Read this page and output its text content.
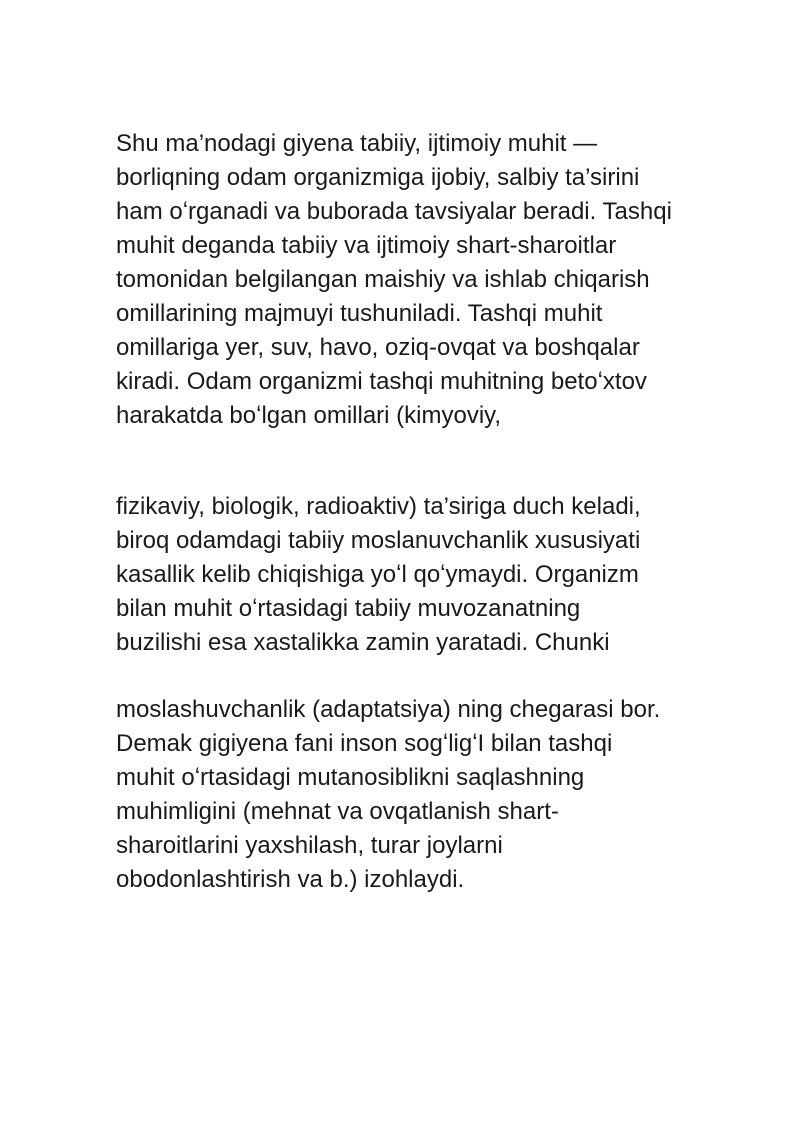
Shu ma’nodagi giyena tabiiy, ijtimoiy muhit —
borliqning odam organizmiga ijobiy, salbiy ta’sirini
ham oʻrganadi va buborada tavsiyalar beradi. Tashqi
muhit deganda tabiiy va ijtimoiy shart-sharoitlar
tomonidan belgilangan maishiy va ishlab chiqarish
omillarining majmuyi tushuniladi. Tashqi muhit
omillariga yer, suv, havo, oziq-ovqat va boshqalar
kiradi. Odam organizmi tashqi muhitning betoʻxtov
harakatda boʻlgan omillari (kimyoviy,
fizikaviy, biologik, radioaktiv) ta’siriga duch keladi,
biroq odamdagi tabiiy moslanuvchanlik xususiyati
kasallik kelib chiqishiga yoʻl qoʻymaydi. Organizm
bilan muhit oʻrtasidagi tabiiy muvozanatning
buzilishi esa xastalikka zamin yaratadi. Chunki
moslashuvchanlik (adaptatsiya) ning chegarasi bor.
Demak gigiyena fani inson sogʻligʻI bilan tashqi
muhit oʻrtasidagi mutanosiblikni saqlashning
muhimligini (mehnat va ovqatlanish shart-
sharoitlarini yaxshilash, turar joylarni
obodonlashtirish va b.) izohlaydi.
